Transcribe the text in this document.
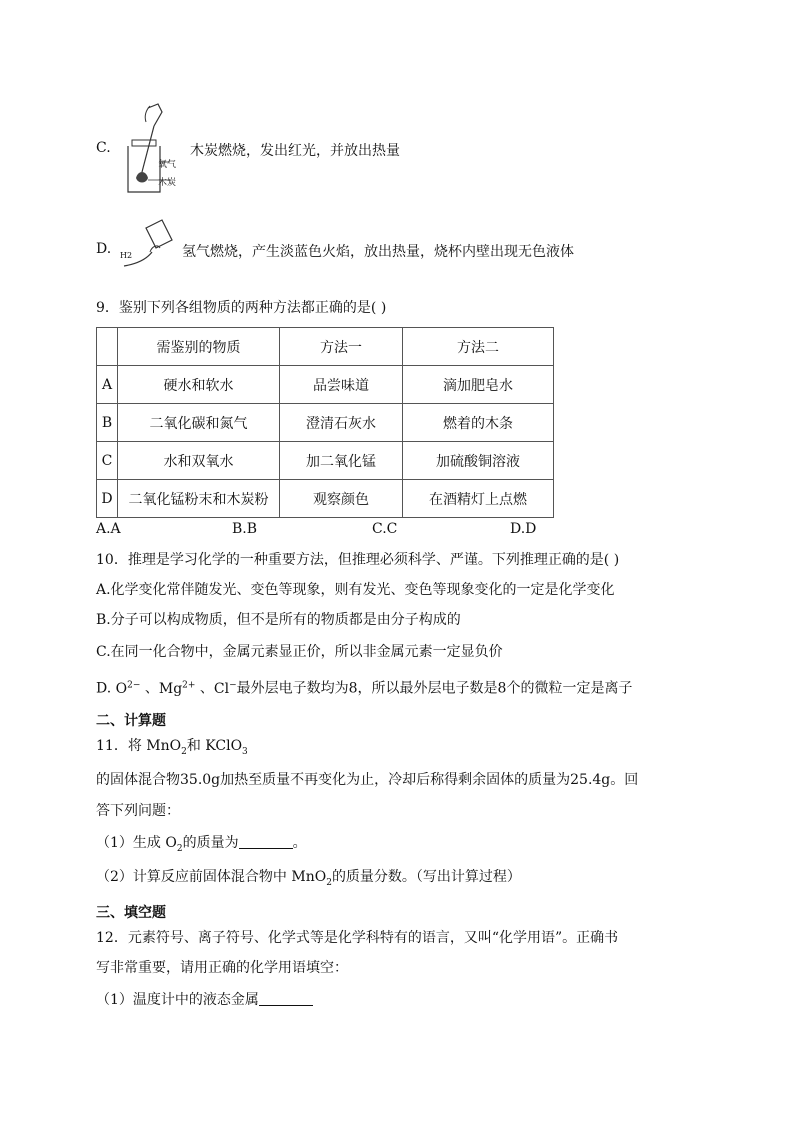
C.
氧气
木炭
木炭燃烧，发出红光，并放出热量
D. H2	氢气燃烧，产生淡蓝色火焰，放出热量，烧杯内壁出现无色液体
9．鉴别下列各组物质的两种方法都正确的是( )
	需鉴别的物质	方法一	方法二
A	硬水和软水	品尝味道	滴加肥皂水
B	二氧化碳和氮气	澄清石灰水	燃着的木条
C	水和双氧水	加二氧化锰	加硫酸铜溶液
D	二氧化锰粉末和木炭粉	观察颜色	在酒精灯上点燃
A.A	B.B	C.C	D.D
10．推理是学习化学的一种重要方法，但推理必须科学、严谨。下列推理正确的是( )
A.化学变化常伴随发光、变色等现象，则有发光、变色等现象变化的一定是化学变化
B.分子可以构成物质，但不是所有的物质都是由分子构成的
C.在同一化合物中，金属元素显正价，所以非金属元素一定显负价
D. $O^{2-}$ 、$Mg^{2+}$ 、Cl−最外层电子数均为8，所以最外层电子数是8个的微粒一定是离子
二、计算题
11．将 MnO$_2$和 KClO$_3$
的固体混合物35.0g加热至质量不再变化为止，冷却后称得剩余固体的质量为25.4g。回
答下列问题：
（1）生成 $O_2$的质量为	。
（2）计算反应前固体混合物中 MnO$_2$的质量分数。（写出计算过程）
三、填空题
12．元素符号、离子符号、化学式等是化学科特有的语言，又叫“化学用语”。正确书
写非常重要，请用正确的化学用语填空：
（1）温度计中的液态金属
